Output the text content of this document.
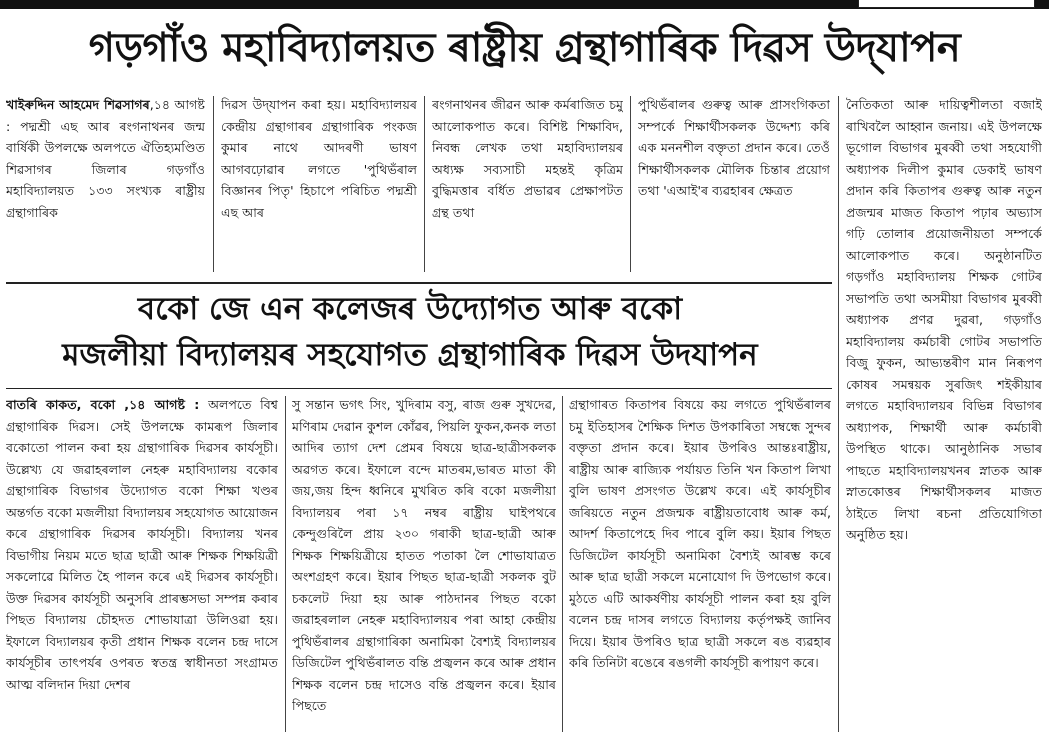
গড়গাঁও মহাবিদ্যালয়ত ৰাষ্ট্ৰীয় গ্ৰন্থাগাৰিক দিৱস উদ্‌যাপন
খাইৰুদ্দিন আহমেদ শিৱসাগৰ,১৪ আগষ্ট : পদ্মশ্ৰী এছ আৰ ৰংগনাথনৰ জন্ম বাৰ্ষিকী উপলক্ষে অলপতে ঐতিহ্যমণ্ডিত শিৱসাগৰ জিলাৰ গড়গাঁও মহাবিদ্যালয়ত ১৩৩ সংখ্যক ৰাষ্ট্ৰীয় গ্ৰন্থাগাৰিক
দিৱস উদ্‌যাপন কৰা হয়। মহাবিদ্যালয়ৰ কেন্দ্ৰীয় গ্ৰন্থাগাৰৰ গ্ৰন্থাগাৰিক পংকজ কুমাৰ নাথে আদৰণী ভাষণ আগবঢ়োৱাৰ লগতে 'পুথিভঁৰাল বিজ্ঞানৰ পিতৃ' হিচাপে পৰিচিত পদ্মশ্ৰী এছ আৰ
ৰংগনাথনৰ জীৱন আৰু কৰ্মৰাজিত চমু আলোকপাত কৰে। বিশিষ্ট শিক্ষাবিদ, নিবন্ধ লেখক তথা মহাবিদ্যালয়ৰ অধ্যক্ষ সব্যসাচী মহন্তই কৃত্ৰিম বুদ্ধিমত্তাৰ বৰ্ধিত প্ৰভাৱৰ প্ৰেক্ষাপটত গ্ৰন্থ তথা
পুথিভঁৰালৰ গুৰুত্ব আৰু প্ৰাসংগিকতা সম্পৰ্কে শিক্ষাৰ্থীসকলক উদ্দেশ্য কৰি এক মননশীল বক্তৃতা প্ৰদান কৰে। তেওঁ শিক্ষাৰ্থীসকলক মৌলিক চিন্তাৰ প্ৰয়োগ তথা 'এআই'ৰ ব্যৱহাৰৰ ক্ষেত্ৰত
নৈতিকতা আৰু দায়িত্বশীলতা বজাই ৰাখিবলৈ আহ্বান জনায়। এই উপলক্ষে ভূগোল বিভাগৰ মুৰব্বী তথা সহযোগী অধ্যাপক দিলীপ কুমাৰ ডেকাই ভাষণ প্ৰদান কৰি কিতাপৰ গুৰুত্ব আৰু নতুন প্ৰজন্মৰ মাজত কিতাপ পঢ়াৰ অভ্যাস গঢ়ি তোলাৰ প্ৰয়োজনীয়তা সম্পৰ্কে আলোকপাত কৰে। অনুষ্ঠানটিত গড়গাঁও মহাবিদ্যালয় শিক্ষক গোটৰ সভাপতি তথা অসমীয়া বিভাগৰ মুৰব্বী অধ্যাপক প্ৰণৱ দুৱৰা, গড়গাঁও মহাবিদ্যালয় কৰ্মচাৰী গোটৰ সভাপতি বিজু ফুকন, আভ্যন্তৰীণ মান নিৰূপণ কোষৰ সমন্বয়ক সুৰজিৎ শইকীয়াৰ লগতে মহাবিদ্যালয়ৰ বিভিন্ন বিভাগৰ অধ্যাপক, শিক্ষাৰ্থী আৰু কৰ্মচাৰী উপস্থিত থাকে। আনুষ্ঠানিক সভাৰ পাছতে মহাবিদ্যালয়খনৰ স্নাতক আৰু স্নাতকোত্তৰ শিক্ষাৰ্থীসকলৰ মাজত ঠাইতে লিখা ৰচনা প্ৰতিযোগিতা অনুষ্ঠিত হয়।
বকো জে এন কলেজৰ উদ্যোগত আৰু বকো
মজলীয়া বিদ্যালয়ৰ সহযোগত গ্ৰন্থাগাৰিক দিৱস উদযাপন
বাতৰি কাকত, বকো ,১৪ আগষ্ট : অলপতে বিশ্ব গ্ৰন্থাগাৰিক দিৱস। সেই উপলক্ষে কামৰূপ জিলাৰ বকোতো পালন কৰা হয় গ্ৰন্থাগাৰিক দিৱসৰ কাৰ্যসূচী। উল্লেখ্য যে জৱাহৰলাল নেহৰু মহাবিদ্যালয় বকোৰ গ্ৰন্থাগাৰিক বিভাগৰ উদ্যোগত বকো শিক্ষা খণ্ডৰ অন্তৰ্গত বকো মজলীয়া বিদ্যালয়ৰ সহযোগত আয়োজন কৰে গ্ৰন্থাগাৰিক দিৱসৰ কাৰ্যসূচী। বিদ্যালয় খনৰ বিভাগীয় নিয়ম মতে ছাত্ৰ ছাত্ৰী আৰু শিক্ষক শিক্ষয়িত্ৰী সকলোৱে মিলিত হৈ পালন কৰে এই দিৱসৰ কাৰ্যসূচী। উক্ত দিৱসৰ কাৰ্যসূচী অনুসৰি প্ৰাৰম্ভসভা সম্পন্ন কৰাৰ পিছত বিদ্যালয় চৌহদত শোভাযাত্ৰা উলিওৱা হয়। ইফালে বিদ্যালয়ৰ কৃতী প্ৰধান শিক্ষক বলেন চন্দ্ৰ দাসে কাৰ্যসূচীৰ তাৎপৰ্যৰ ওপৰত স্বতন্ত্ৰ স্বাধীনতা সংগ্ৰামত আত্ম বলিদান দিয়া দেশৰ
সু সন্তান ভগৎ সিং, খুদিৰাম বসু, ৰাজ গুৰু সুখদেৱ, মণিৰাম দেৱান কুশল কোঁৱৰ, পিয়লি ফুকন,কনক লতা আদিৰ ত্যাগ দেশ প্ৰেমৰ বিষয়ে ছাত্ৰ-ছাত্ৰীসকলক অৱগত কৰে। ইফালে বন্দে মাতৰম,ভাৰত মাতা কী জয়,জয় হিন্দ ধ্বনিৰে মুখৰিত কৰি বকো মজলীয়া বিদ্যালয়ৰ পৰা ১৭ নম্বৰ ৰাষ্ট্ৰীয় ঘাইপথৰে কেন্দুগুৰিলৈ প্ৰায় ২৩০ গৰাকী ছাত্ৰ-ছাত্ৰী আৰু শিক্ষক শিক্ষয়িত্ৰীয়ে হাতত পতাকা লৈ শোভাযাত্ৰত অংশগ্ৰহণ কৰে। ইয়াৰ পিছত ছাত্ৰ-ছাত্ৰী সকলক বুট চকলেট দিয়া হয় আৰু পাঠদানৰ পিছত বকো জৱাহৰলাল নেহৰু মহাবিদ্যালয়ৰ পৰা আহা কেন্দ্ৰীয় পুথিভঁৰালৰ গ্ৰন্থাগাৰিকা অনামিকা বৈশ্যই বিদ্যালয়ৰ ডিজিটেল পুথিভঁৰালত বন্তি প্ৰজ্বলন কৰে আৰু প্ৰধান শিক্ষক বলেন চন্দ্ৰ দাসেও বন্তি প্ৰজ্বলন কৰে। ইয়াৰ পিছতে
গ্ৰন্থাগাৰত কিতাপৰ বিষয়ে কয় লগতে পুথিভঁৰালৰ চমু ইতিহাসৰ শৈক্ষিক দিশত উপকাৰিতা সম্বন্ধে সুন্দৰ বক্তৃতা প্ৰদান কৰে। ইয়াৰ উপৰিও আন্তঃৰাষ্ট্ৰীয়, ৰাষ্ট্ৰীয় আৰু ৰাজ্যিক পৰ্যায়ত তিনি খন কিতাপ লিখা বুলি ভাষণ প্ৰসংগত উল্লেখ কৰে। এই কাৰ্যসূচীৰ জৰিয়তে নতুন প্ৰজন্মক ৰাষ্ট্ৰীয়তাবোধ আৰু কৰ্ম, আদৰ্শ কিতাপেহে দিব পাৰে বুলি কয়। ইয়াৰ পিছত ডিজিটেল কাৰ্যসূচী অনামিকা বৈশ্যই আৰম্ভ কৰে আৰু ছাত্ৰ ছাত্ৰী সকলে মনোযোগ দি উপভোগ কৰে। মুঠতে এটি আকৰ্ষণীয় কাৰ্যসূচী পালন কৰা হয় বুলি বলেন চন্দ্ৰ দাসৰ লগতে বিদ্যালয় কৰ্তৃপক্ষই জানিব দিয়ে। ইয়াৰ উপৰিও ছাত্ৰ ছাত্ৰী সকলে ৰঙ ব্যৱহাৰ কৰি তিনিটা ৰঙেৰে ৰঙগলী কাৰ্যসূচী ৰূপায়ণ কৰে।
